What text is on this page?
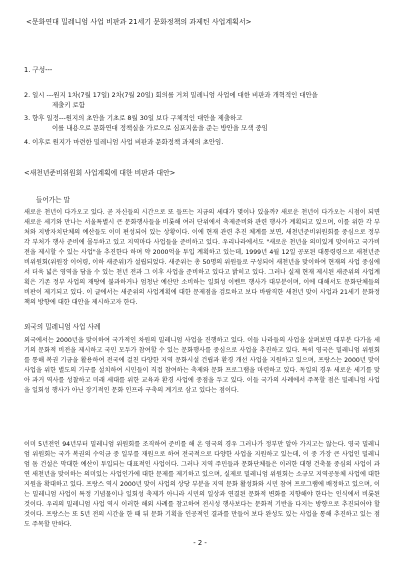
<문화연대 밀레니엄 사업 비판과 21세기 문화정책의 과제틴 사업계획서>
1. 구성---
2. 일시 ---원지 1차(7월 17일) 2차(7월 20일) 회의를 거쳐 밀레니엄 사업에 대한 비판과 개혁적인 대안을
제출키 로함
3. 향후 일정---원지의 초안을 기초로 8월 30일 보다 구체적인 대안을 제출하고
이를 내용으로 문화연대 정책실을 가로으로 심포지움을 준는 방안을 모색 중임
4. 이후로 원지가 마련한 밀레니엄 사업 비판과 문화정책 과제의 초안임.
<새천년준비위원회 사업계획에 대한 비판과 대안>
들어가는 말
새로운 천년이 다가오고 있다. 곧 자신들의 시간으로 또 들뜨는 지금의 세대가 몇이나 있을까? 새로운 천년이 다가오는 시점이 되면 새로운 세기와 만나는 서울특별시 큰 문화행사들을 비롯해 여러 단위에서 축제준비와 관련 행사가 계획되고 있으며, 이를 위한 각 부처와 지방자치단체의 예산들도 이미 편성되어 있는 상황이다. 이에 현재 관련 추진 체계를 보면, 새천년준비위원회를 중심으로 정부 각 부처가 행사 준비에 몰두하고 있고 지역마다 사업들을 준비하고 있다. 우리나라에서도 "새로운 천년을 의미있게 맞이하고 국가비전을 제시할 수 있는 사업"을 추진한다 하며 약 2000억을 투입 계획하고 있는데, 1999년 4월 12일 공포된 대통령령으로 새천년준비위원회(위원장 이어령, 이하 새준위)가 설립되었다. 새준위는 총 50명의 위원들로 구성되어 새천년을 맞이하여 현재의 사업 중심에서 더욱 넓은 영역을 담을 수 있는 천년 전과 그 이후 사업을 준비하고 있다고 밝히고 있다. 그러나 실제 현재 제시된 새준위의 사업계획은 기존 정부 사업의 재탕에 불과하거나 엄청난 예산만 소비하는 일회성 이벤트 행사가 대부분이며, 이에 대해서도 문화단체들의 비판이 제기되고 있다. 이 글에서는 새준위의 사업계획에 대한 문제점을 검토하고 보다 바람직한 새천년 맞이 사업과 21세기 문화정책의 방향에 대한 대안을 제시하고자 한다.
외국의 밀레니엄 사업 사례
외국에서는 2000년을 맞이하여 국가적인 차원의 밀레니엄 사업을 진행하고 있다. 이들 나라들의 사업을 살펴보면 대부분 다가올 세기의 문화적 비전을 제시하고 국민 모두가 참여할 수 있는 문화행사를 중심으로 사업을 추진하고 있다. 특히 영국은 밀레니엄 위원회를 통해 복권 기금을 활용하여 전국에 걸친 다양한 지역 문화시설 건립과 환경 개선 사업을 지원하고 있으며, 프랑스는 2000년 맞이 사업을 위한 별도의 기구를 설치하여 시민들이 직접 참여하는 축제와 문화 프로그램을 마련하고 있다. 독일의 경우 새로운 세기를 맞아 과거 역사를 성찰하고 미래 세대를 위한 교육과 환경 사업에 중점을 두고 있다. 이들 국가의 사례에서 주목할 점은 밀레니엄 사업을 일회성 행사가 아닌 장기적인 문화 인프라 구축의 계기로 삼고 있다는 점이다.
이미 5년전인 94년부터 밀레니엄 위원회를 조직하여 준비를 해 온 영국의 경우 그러나가 정부만 알아 가지고는 않는다. 영국 밀레니엄 위원회는 국가 복권의 수익금 중 일부를 재원으로 하여 전국적으로 다양한 사업을 지원하고 있는데, 이 중 가장 큰 사업인 밀레니엄 돔 건설은 막대한 예산이 투입되는 대표적인 사업이다. 그러나 지역 주민들과 문화단체들은 이러한 대형 건축물 중심의 사업이 과연 새천년을 맞이하는 의미있는 사업인가에 대한 문제를 제기하고 있으며, 실제로 밀레니엄 위원회는 소규모 지역공동체 사업에 대한 지원을 확대하고 있다. 프랑스 역시 2000년 맞이 사업의 상당 부분을 지역 문화 활성화와 시민 참여 프로그램에 배정하고 있으며, 이는 밀레니엄 사업이 특정 기념물이나 일회성 축제가 아니라 시민의 일상과 연결된 문화적 변화를 지향해야 한다는 인식에서 비롯된 것이다. 우리의 밀레니엄 사업 역시 이러한 해외 사례를 참고하여 전시성 행사보다는 문화적 기반을 다지는 방향으로 추진되어야 할 것이다. 프랑스는 또 5년 전의 시간을 한 때 뒤 문화 기획을 인공적인 결과를 만들어 보다 완성도 있는 사업을 통해 추진하고 있는 점도 주목할 만하다.
- 2 -
